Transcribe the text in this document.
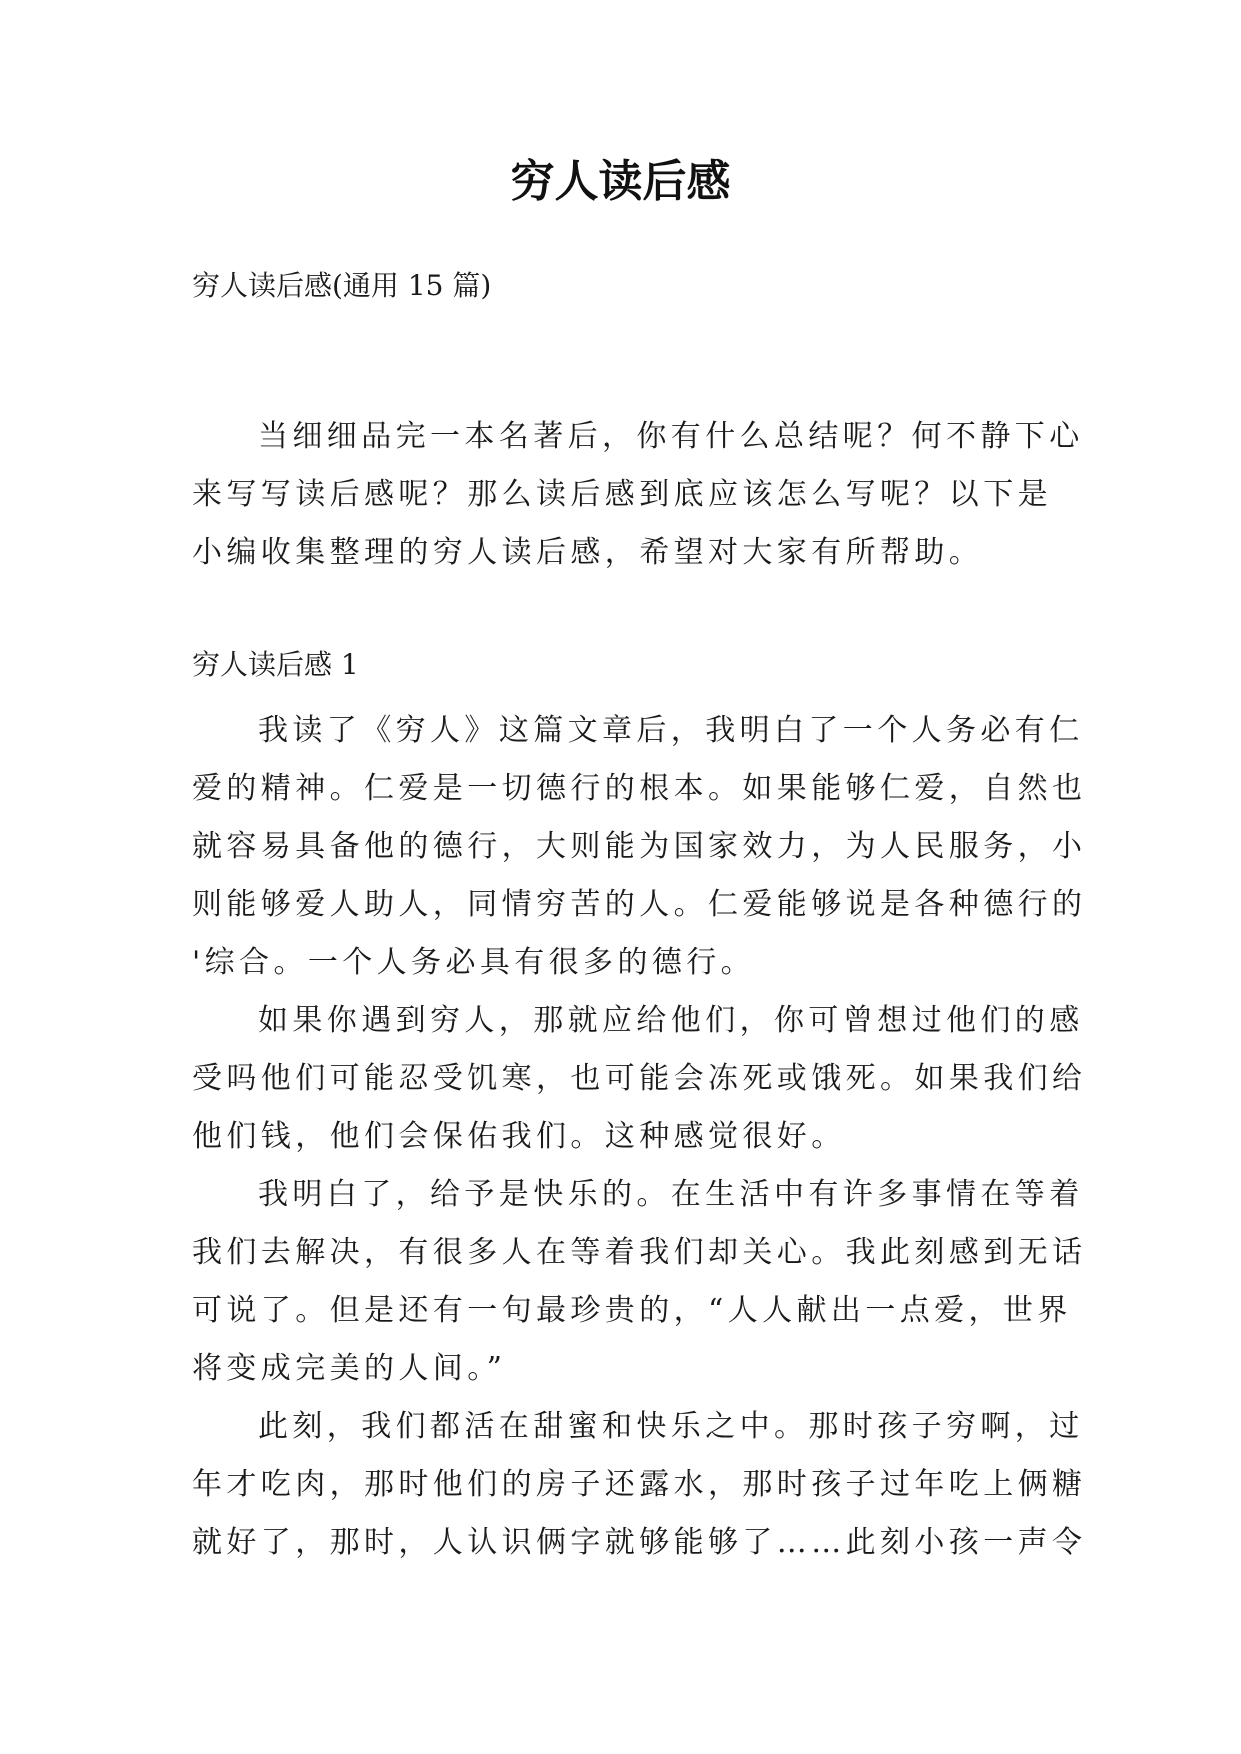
穷人读后感

穷人读后感(通用 15 篇)

当细细品完一本名著后，你有什么总结呢？何不静下心
来写写读后感呢？那么读后感到底应该怎么写呢？以下是
小编收集整理的穷人读后感，希望对大家有所帮助。

穷人读后感 1

我读了《穷人》这篇文章后，我明白了一个人务必有仁
爱的精神。仁爱是一切德行的根本。如果能够仁爱，自然也
就容易具备他的德行，大则能为国家效力，为人民服务，小
则能够爱人助人，同情穷苦的人。仁爱能够说是各种德行的
'综合。一个人务必具有很多的德行。

如果你遇到穷人，那就应给他们，你可曾想过他们的感
受吗他们可能忍受饥寒，也可能会冻死或饿死。如果我们给
他们钱，他们会保佑我们。这种感觉很好。

我明白了，给予是快乐的。在生活中有许多事情在等着
我们去解决，有很多人在等着我们却关心。我此刻感到无话
可说了。但是还有一句最珍贵的，“人人献出一点爱，世界
将变成完美的人间。”

此刻，我们都活在甜蜜和快乐之中。那时孩子穷啊，过
年才吃肉，那时他们的房子还露水，那时孩子过年吃上俩糖
就好了，那时，人认识俩字就够能够了……此刻小孩一声令
